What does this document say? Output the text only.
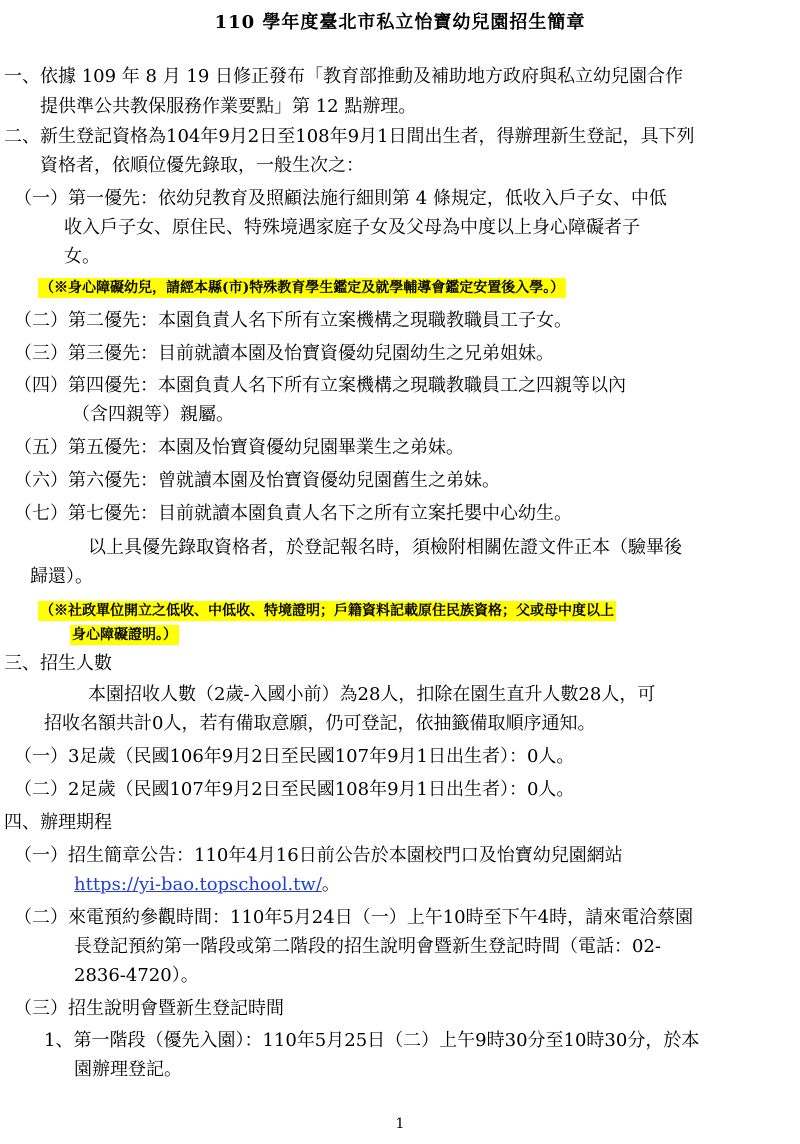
110 學年度臺北市私立怡寶幼兒園招生簡章
一、依據 109 年 8 月 19 日修正發布「教育部推動及補助地方政府與私立幼兒園合作
提供準公共教保服務作業要點」第 12 點辦理。
二、新生登記資格為104年9月2日至108年9月1日間出生者，得辦理新生登記，具下列
資格者，依順位優先錄取，一般生次之：
（一）第一優先：依幼兒教育及照顧法施行細則第 4 條規定，低收入戶子女、中低
收入戶子女、原住民、特殊境遇家庭子女及父母為中度以上身心障礙者子
女。
（※身心障礙幼兒，請經本縣(市)特殊教育學生鑑定及就學輔導會鑑定安置後入學。）
（二）第二優先：本園負責人名下所有立案機構之現職教職員工子女。
（三）第三優先：目前就讀本園及怡寶資優幼兒園幼生之兄弟姐妹。
（四）第四優先：本園負責人名下所有立案機構之現職教職員工之四親等以內
（含四親等）親屬。
（五）第五優先：本園及怡寶資優幼兒園畢業生之弟妹。
（六）第六優先：曾就讀本園及怡寶資優幼兒園舊生之弟妹。
（七）第七優先：目前就讀本園負責人名下之所有立案托嬰中心幼生。
以上具優先錄取資格者，於登記報名時，須檢附相關佐證文件正本（驗畢後
歸還）。
（※社政單位開立之低收、中低收、特境證明；戶籍資料記載原住民族資格；父或母中度以上
身心障礙證明。）
三、招生人數
本園招收人數（2歲-入國小前）為28人，扣除在園生直升人數28人，可
招收名額共計0人，若有備取意願，仍可登記，依抽籤備取順序通知。
（一）3足歲（民國106年9月2日至民國107年9月1日出生者）：0人。
（二）2足歲（民國107年9月2日至民國108年9月1日出生者）：0人。
四、辦理期程
（一）招生簡章公告：110年4月16日前公告於本園校門口及怡寶幼兒園網站
https://yi-bao.topschool.tw/。
（二）來電預約參觀時間：110年5月24日（一）上午10時至下午4時，請來電洽蔡園
長登記預約第一階段或第二階段的招生說明會暨新生登記時間（電話：02-
2836-4720）。
（三）招生說明會暨新生登記時間
1、第一階段（優先入園）：110年5月25日（二）上午9時30分至10時30分，於本
園辦理登記。
1
